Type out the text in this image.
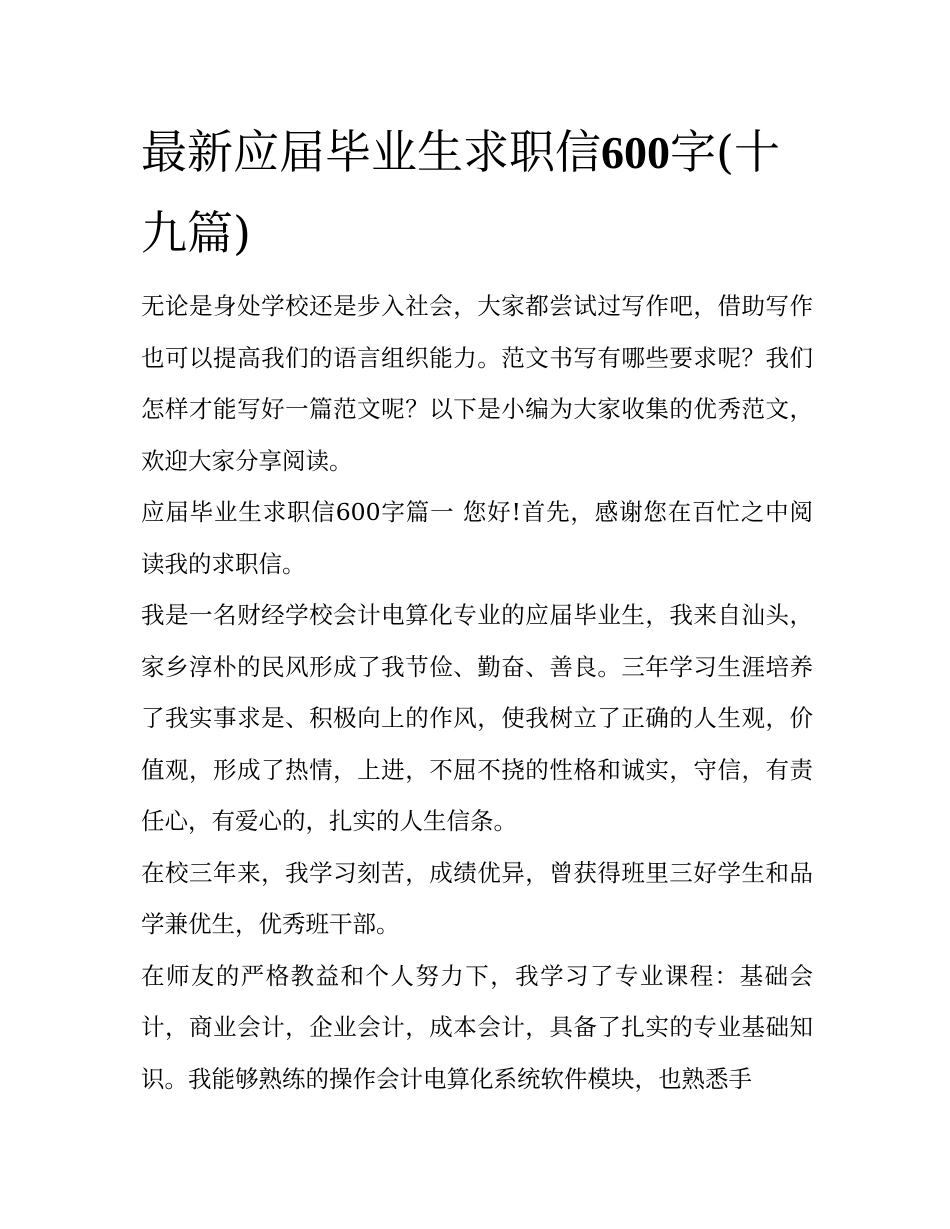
最新应届毕业生求职信600字(十九篇)

无论是身处学校还是步入社会，大家都尝试过写作吧，借助写作也可以提高我们的语言组织能力。范文书写有哪些要求呢？我们怎样才能写好一篇范文呢？以下是小编为大家收集的优秀范文，欢迎大家分享阅读。

应届毕业生求职信600字篇一 您好!首先，感谢您在百忙之中阅读我的求职信。

我是一名财经学校会计电算化专业的应届毕业生，我来自汕头，家乡淳朴的民风形成了我节俭、勤奋、善良。三年学习生涯培养了我实事求是、积极向上的作风，使我树立了正确的人生观，价值观，形成了热情，上进，不屈不挠的性格和诚实，守信，有责任心，有爱心的，扎实的人生信条。

在校三年来，我学习刻苦，成绩优异，曾获得班里三好学生和品学兼优生，优秀班干部。

在师友的严格教益和个人努力下，我学习了专业课程：基础会计，商业会计，企业会计，成本会计，具备了扎实的专业基础知识。我能够熟练的操作会计电算化系统软件模块，也熟悉手
